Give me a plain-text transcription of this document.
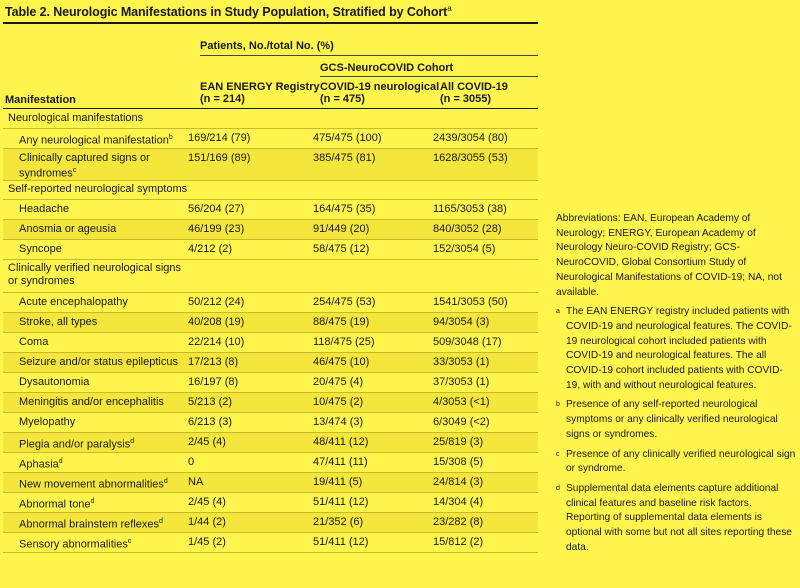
Table 2. Neurologic Manifestations in Study Population, Stratified by Cohort$^a$
Patients, No./total No. (%)
GCS-NeuroCOVID Cohort
Manifestation
EAN ENERGY Registry
(n = 214)
COVID-19 neurological
(n = 475)
All COVID-19
(n = 3055)
Neurological manifestations			
Any neurological manifestation$^b$	169/214 (79)	475/475 (100)	2439/3054 (80)
Clinically captured signs or
syndromes$^c$	151/169 (89)	385/475 (81)	1628/3055 (53)
Self-reported neurological symptoms			
Headache	56/204 (27)	164/475 (35)	1165/3053 (38)
Anosmia or ageusia	46/199 (23)	91/449 (20)	840/3052 (28)
Syncope	4/212 (2)	58/475 (12)	152/3054 (5)
Clinically verified neurological signs
or syndromes			
Acute encephalopathy	50/212 (24)	254/475 (53)	1541/3053 (50)
Stroke, all types	40/208 (19)	88/475 (19)	94/3054 (3)
Coma	22/214 (10)	118/475 (25)	509/3048 (17)
Seizure and/or status epilepticus	17/213 (8)	46/475 (10)	33/3053 (1)
Dysautonomia	16/197 (8)	20/475 (4)	37/3053 (1)
Meningitis and/or encephalitis	5/213 (2)	10/475 (2)	4/3053 (<1)
Myelopathy	6/213 (3)	13/474 (3)	6/3049 (<2)
Plegia and/or paralysis$^d$	2/45 (4)	48/411 (12)	25/819 (3)
Aphasia$^d$	0	47/411 (11)	15/308 (5)
New movement abnormalities$^d$	NA	19/411 (5)	24/814 (3)
Abnormal tone$^d$	2/45 (4)	51/411 (12)	14/304 (4)
Abnormal brainstem reflexes$^d$	1/44 (2)	21/352 (6)	23/282 (8)
Sensory abnormalities$^c$	1/45 (2)	51/411 (12)	15/812 (2)

Abbreviations: EAN, European Academy of Neurology; ENERGY, European Academy of Neurology Neuro-COVID Registry; GCS-NeuroCOVID, Global Consortium Study of Neurological Manifestations of COVID-19; NA, not available.

a The EAN ENERGY registry included patients with COVID-19 and neurological features. The COVID-19 neurological cohort included patients with COVID-19 and neurological features. The all COVID-19 cohort included patients with COVID-19, with and without neurological features.
b Presence of any self-reported neurological symptoms or any clinically verified neurological signs or syndromes.
c Presence of any clinically verified neurological sign or syndrome.
d Supplemental data elements capture additional clinical features and baseline risk factors. Reporting of supplemental data elements is optional with some but not all sites reporting these data.
